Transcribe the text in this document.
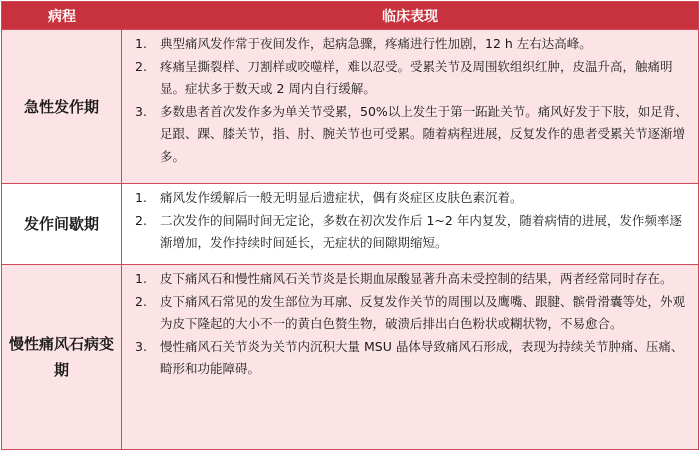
病程	临床表现
急性发作期
1.	典型痛风发作常于夜间发作，起病急骤，疼痛进行性加剧，12 h 左右达高峰。
2.	疼痛呈撕裂样、刀割样或咬噬样，难以忍受。受累关节及周围软组织红肿，皮温升高，触痛明显。症状多于数天或 2 周内自行缓解。
3.	多数患者首次发作多为单关节受累，50%以上发生于第一跖趾关节。痛风好发于下肢，如足背、足跟、踝、膝关节，指、肘、腕关节也可受累。随着病程进展，反复发作的患者受累关节逐渐增多。
发作间歇期
1.	痛风发作缓解后一般无明显后遗症状，偶有炎症区皮肤色素沉着。
2.	二次发作的间隔时间无定论，多数在初次发作后 1~2 年内复发，随着病情的进展，发作频率逐渐增加，发作持续时间延长，无症状的间隙期缩短。
慢性痛风石病变期
1.	皮下痛风石和慢性痛风石关节炎是长期血尿酸显著升高未受控制的结果，两者经常同时存在。
2.	皮下痛风石常见的发生部位为耳廓、反复发作关节的周围以及鹰嘴、跟腱、髌骨滑囊等处，外观为皮下隆起的大小不一的黄白色赘生物，破溃后排出白色粉状或糊状物，不易愈合。
3.	慢性痛风石关节炎为关节内沉积大量 MSU 晶体导致痛风石形成，表现为持续关节肿痛、压痛、畸形和功能障碍。
